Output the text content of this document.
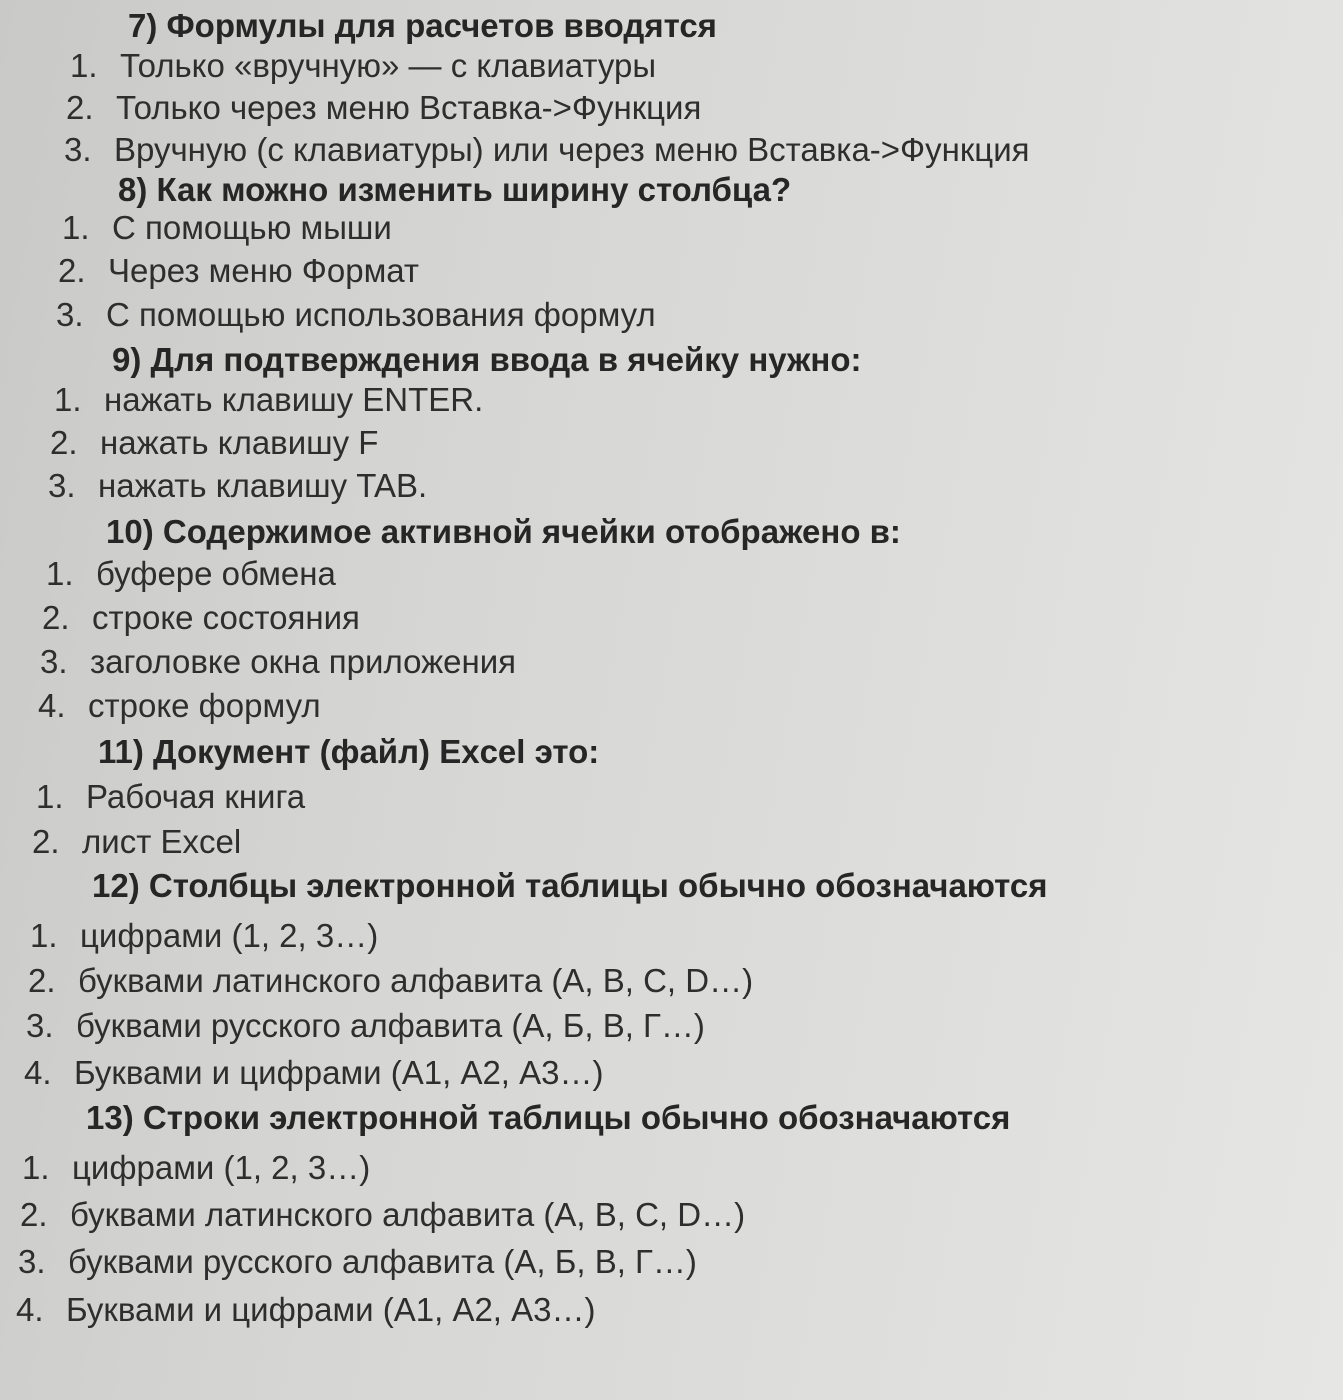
7) Формулы для расчетов вводятся
1. Только «вручную» — с клавиатуры
2. Только через меню Вставка->Функция
3. Вручную (с клавиатуры) или через меню Вставка->Функция
8) Как можно изменить ширину столбца?
1. С помощью мыши
2. Через меню Формат
3. С помощью использования формул
9) Для подтверждения ввода в ячейку нужно:
1. нажать клавишу ENTER.
2. нажать клавишу F
3. нажать клавишу TAB.
10) Содержимое активной ячейки отображено в:
1. буфере обмена
2. строке состояния
3. заголовке окна приложения
4. строке формул
11) Документ (файл) Excel это:
1. Рабочая книга
2. лист Excel
12) Столбцы электронной таблицы обычно обозначаются
1. цифрами (1, 2, 3…)
2. буквами латинского алфавита (A, B, C, D…)
3. буквами русского алфавита (А, Б, В, Г…)
4. Буквами и цифрами (А1, А2, А3…)
13) Строки электронной таблицы обычно обозначаются
1. цифрами (1, 2, 3…)
2. буквами латинского алфавита (A, B, C, D…)
3. буквами русского алфавита (А, Б, В, Г…)
4. Буквами и цифрами (А1, А2, А3…)
